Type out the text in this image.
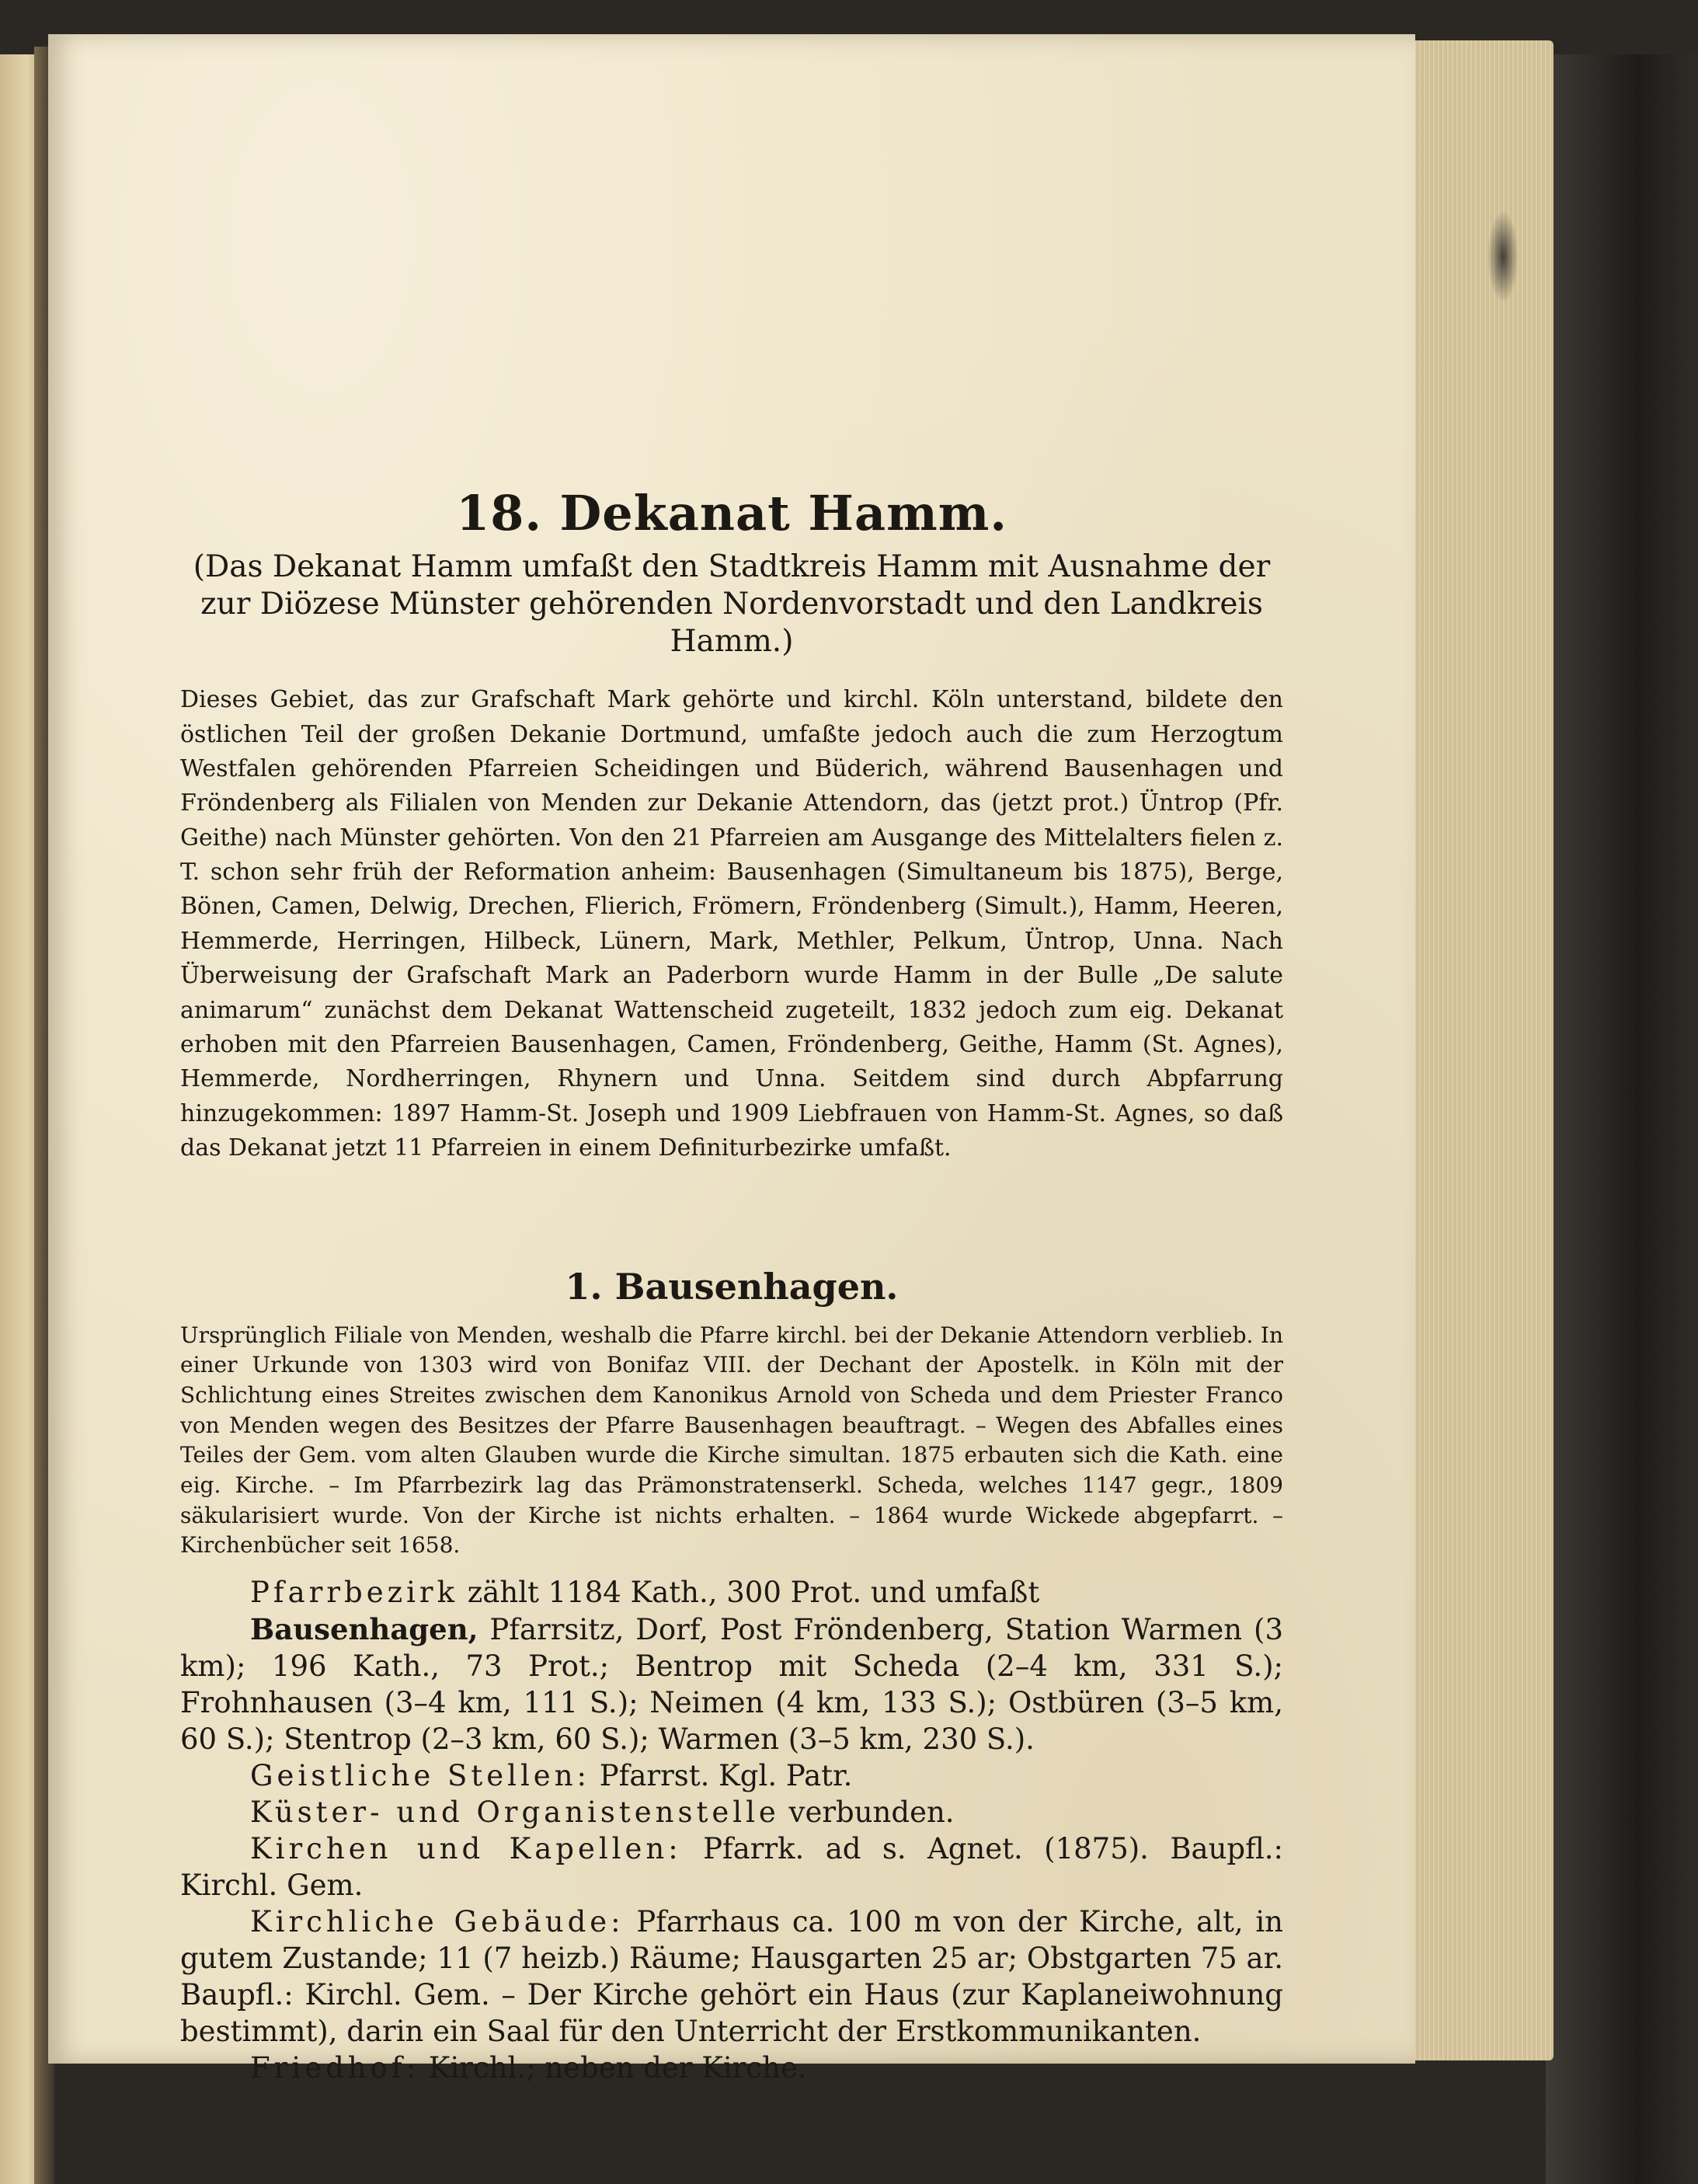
18. Dekanat Hamm.

(Das Dekanat Hamm umfaßt den Stadtkreis Hamm mit Ausnahme der zur Diözese Münster gehörenden Nordenvorstadt und den Landkreis Hamm.)

Dieses Gebiet, das zur Grafschaft Mark gehörte und kirchl. Köln unterstand, bildete den östlichen Teil der großen Dekanie Dortmund, umfaßte jedoch auch die zum Herzogtum Westfalen gehörenden Pfarreien Scheidingen und Büderich, während Bausenhagen und Fröndenberg als Filialen von Menden zur Dekanie Attendorn, das (jetzt prot.) Üntrop (Pfr. Geithe) nach Münster gehörten. Von den 21 Pfarreien am Ausgange des Mittelalters fielen z. T. schon sehr früh der Reformation anheim: Bausenhagen (Simultaneum bis 1875), Berge, Bönen, Camen, Delwig, Drechen, Flierich, Frömern, Fröndenberg (Simult.), Hamm, Heeren, Hemmerde, Herringen, Hilbeck, Lünern, Mark, Methler, Pelkum, Üntrop, Unna. Nach Überweisung der Grafschaft Mark an Paderborn wurde Hamm in der Bulle „De salute animarum“ zunächst dem Dekanat Wattenscheid zugeteilt, 1832 jedoch zum eig. Dekanat erhoben mit den Pfarreien Bausenhagen, Camen, Fröndenberg, Geithe, Hamm (St. Agnes), Hemmerde, Nordherringen, Rhynern und Unna. Seitdem sind durch Abpfarrung hinzugekommen: 1897 Hamm-St. Joseph und 1909 Liebfrauen von Hamm-St. Agnes, so daß das Dekanat jetzt 11 Pfarreien in einem Definiturbezirke umfaßt.

1. Bausenhagen.

Ursprünglich Filiale von Menden, weshalb die Pfarre kirchl. bei der Dekanie Attendorn verblieb. In einer Urkunde von 1303 wird von Bonifaz VIII. der Dechant der Apostelk. in Köln mit der Schlichtung eines Streites zwischen dem Kanonikus Arnold von Scheda und dem Priester Franco von Menden wegen des Besitzes der Pfarre Bausenhagen beauftragt. – Wegen des Abfalles eines Teiles der Gem. vom alten Glauben wurde die Kirche simultan. 1875 erbauten sich die Kath. eine eig. Kirche. – Im Pfarrbezirk lag das Prämonstratenserkl. Scheda, welches 1147 gegr., 1809 säkularisiert wurde. Von der Kirche ist nichts erhalten. – 1864 wurde Wickede abgepfarrt. – Kirchenbücher seit 1658.

Pfarrbezirk zählt 1184 Kath., 300 Prot. und umfaßt

Bausenhagen, Pfarrsitz, Dorf, Post Fröndenberg, Station Warmen (3 km); 196 Kath., 73 Prot.; Bentrop mit Scheda (2–4 km, 331 S.); Frohnhausen (3–4 km, 111 S.); Neimen (4 km, 133 S.); Ostbüren (3–5 km, 60 S.); Stentrop (2–3 km, 60 S.); Warmen (3–5 km, 230 S.).

Geistliche Stellen: Pfarrst. Kgl. Patr.

Küster- und Organistenstelle verbunden.

Kirchen und Kapellen: Pfarrk. ad s. Agnet. (1875). Baupfl.: Kirchl. Gem.

Kirchliche Gebäude: Pfarrhaus ca. 100 m von der Kirche, alt, in gutem Zustande; 11 (7 heizb.) Räume; Hausgarten 25 ar; Obstgarten 75 ar. Baupfl.: Kirchl. Gem. – Der Kirche gehört ein Haus (zur Kaplaneiwohnung bestimmt), darin ein Saal für den Unterricht der Erstkommunikanten.

Friedhof: Kirchl.; neben der Kirche.
